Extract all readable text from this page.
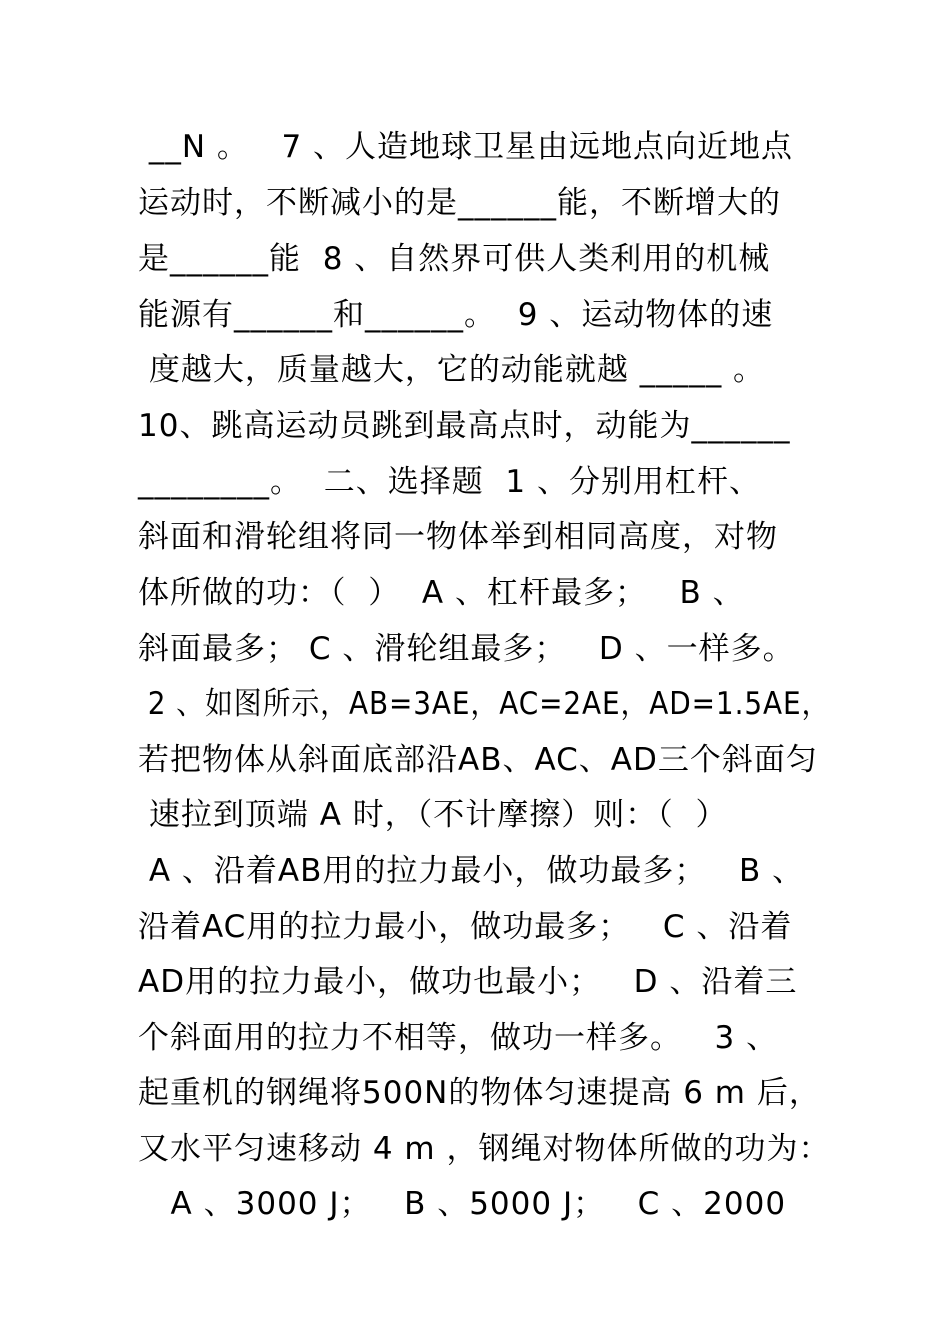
__N 。   7 、人造地球卫星由远地点向近地点
运动时，不断减小的是______能，不断增大的
是______能  8 、自然界可供人类利用的机械
能源有______和______。  9 、运动物体的速
度越大，质量越大，它的动能就越 _____ 。
10、跳高运动员跳到最高点时，动能为______
________。  二、选择题  1 、分别用杠杆、
斜面和滑轮组将同一物体举到相同高度，对物
体所做的功：（  ）  A 、杠杆最多；   B 、
斜面最多； C 、滑轮组最多；   D 、一样多。
2 、如图所示，AB=3AE，AC=2AE，AD=1.5AE，
若把物体从斜面底部沿AB、AC、AD三个斜面匀
速拉到顶端 A 时，（不计摩擦）则：（  ）
A 、沿着AB用的拉力最小，做功最多；   B 、
沿着AC用的拉力最小，做功最多；   C 、沿着
AD用的拉力最小，做功也最小；   D 、沿着三
个斜面用的拉力不相等，做功一样多。   3 、
起重机的钢绳将500N的物体匀速提高 6 m 后，
又水平匀速移动 4 m ，钢绳对物体所做的功为：
A 、3000 J；   B 、5000 J；   C 、2000
